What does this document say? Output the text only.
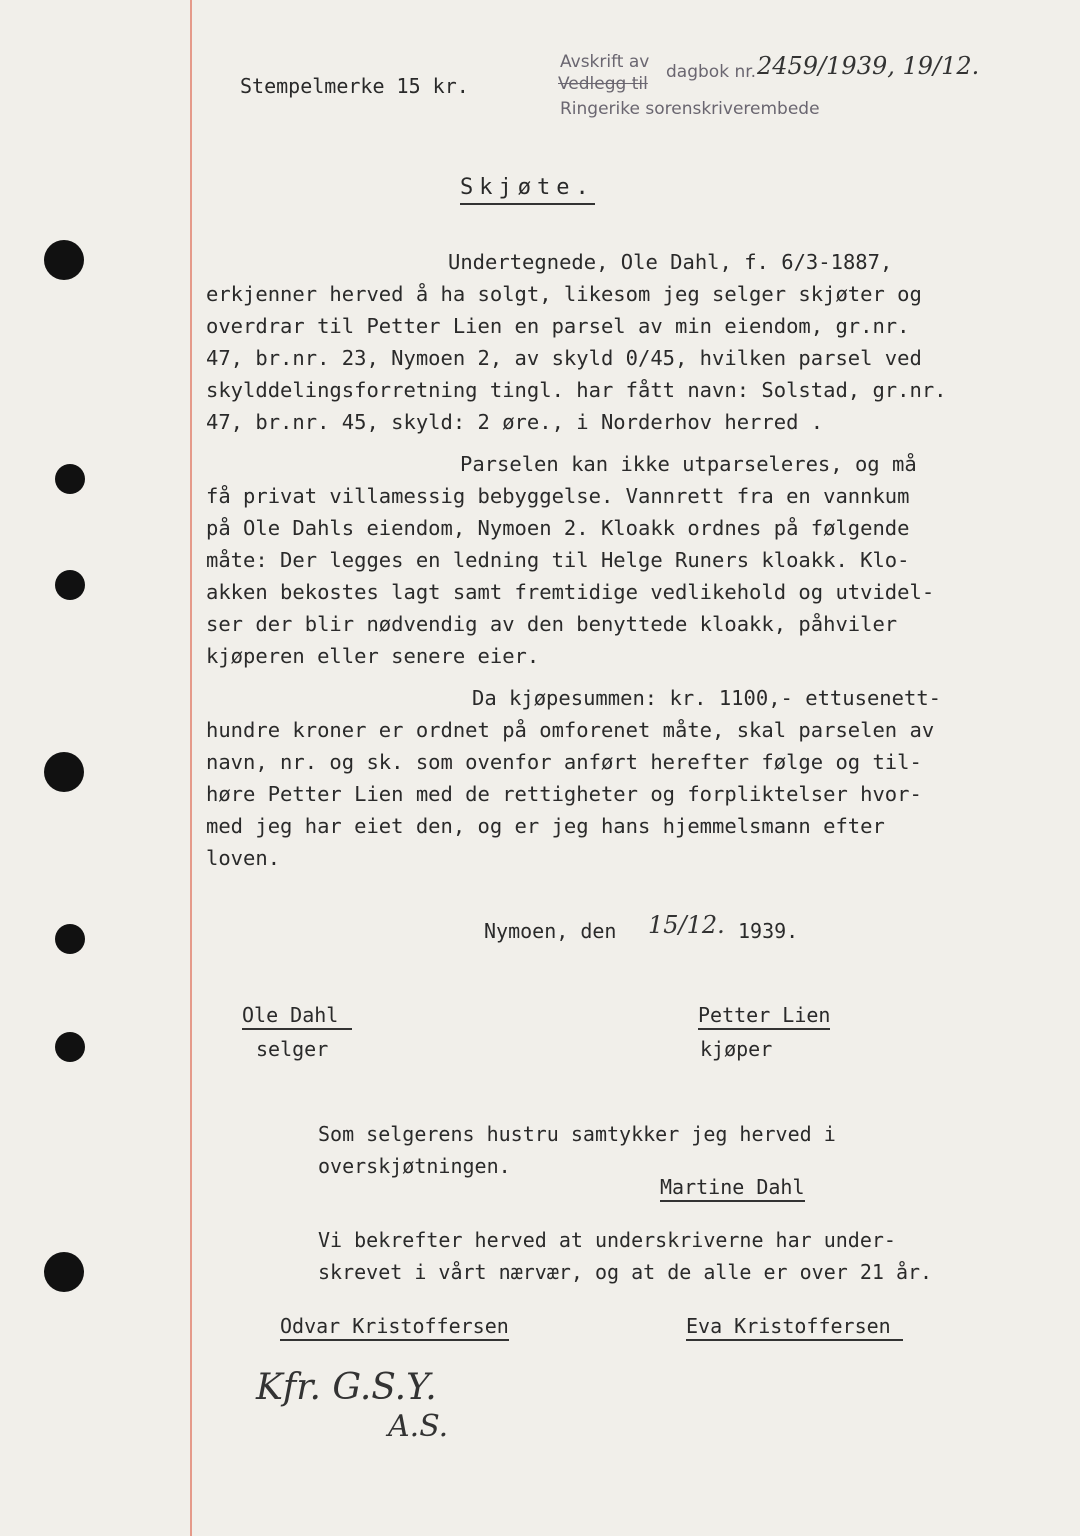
Stempelmerke 15 kr.
Avskrift av
Vedlegg til
dagbok nr. 2459/1939, 19/12.
Ringerike sorenskriverembede
Skjøte.
Undertegnede, Ole Dahl, f. 6/3-1887,
erkjenner herved å ha solgt, likesom jeg selger skjøter og
overdrar til Petter Lien en parsel av min eiendom, gr.nr.
47, br.nr. 23, Nymoen 2, av skyld 0/45, hvilken parsel ved
skylddelingsforretning tingl. har fått navn: Solstad, gr.nr.
47, br.nr. 45, skyld: 2 øre., i Norderhov herred .
Parselen kan ikke utparseleres, og må
få privat villamessig bebyggelse. Vannrett fra en vannkum
på Ole Dahls eiendom, Nymoen 2. Kloakk ordnes på følgende
måte: Der legges en ledning til Helge Runers kloakk. Klo-
akken bekostes lagt samt fremtidige vedlikehold og utvidel-
ser der blir nødvendig av den benyttede kloakk, påhviler
kjøperen eller senere eier.
Da kjøpesummen: kr. 1100,- ettusenett-
hundre kroner er ordnet på omforenet måte, skal parselen av
navn, nr. og sk. som ovenfor anført herefter følge og til-
høre Petter Lien med de rettigheter og forpliktelser hvor-
med jeg har eiet den, og er jeg hans hjemmelsmann efter
loven.
Nymoen, den 15/12. 1939.
Ole Dahl
selger
Petter Lien
kjøper
Som selgerens hustru samtykker jeg herved i
overskjøtningen.
Martine Dahl
Vi bekrefter herved at underskriverne har under-
skrevet i vårt nærvær, og at de alle er over 21 år.
Odvar Kristoffersen	Eva Kristoffersen
Kfr. G.S.Y.
A.S.
